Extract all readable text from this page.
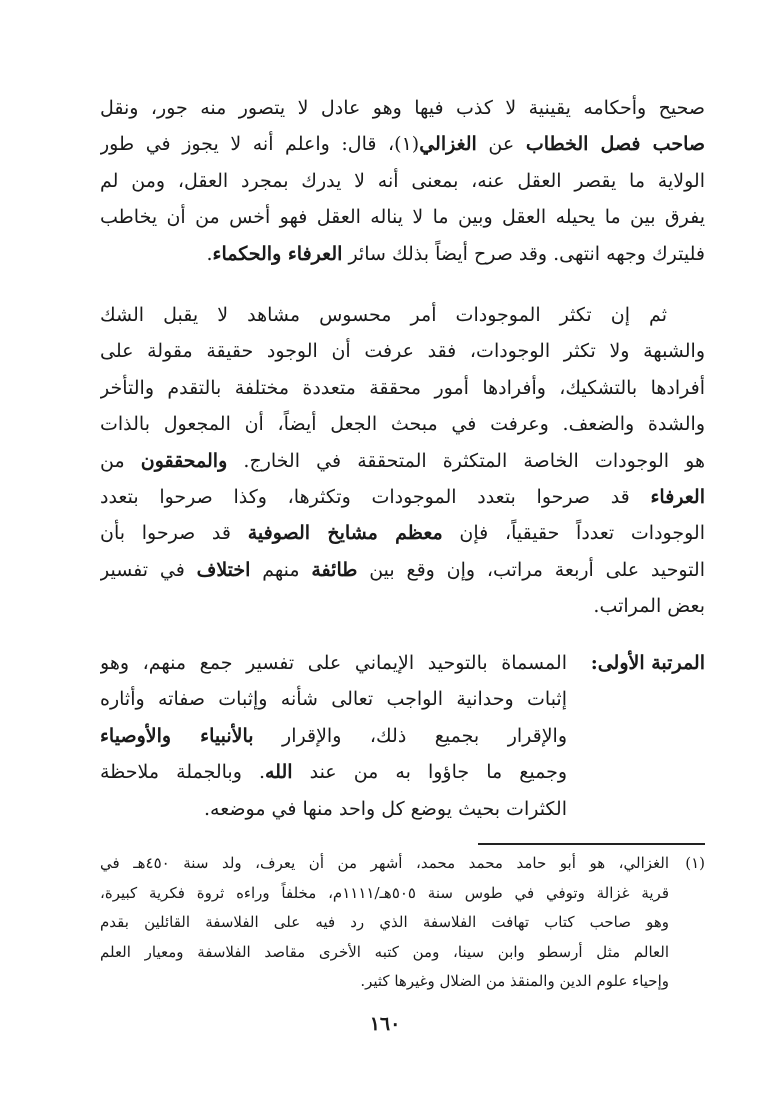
صحيح وأحكامه يقينية لا كذب فيها وهو عادل لا يتصور منه جور، ونقل
صاحب فصل الخطاب عن الغزالي(١)، قال: واعلم أنه لا يجوز في طور
الولاية ما يقصر العقل عنه، بمعنى أنه لا يدرك بمجرد العقل، ومن لم
يفرق بين ما يحيله العقل وبين ما لا يناله العقل فهو أخس من أن يخاطب
فليترك وجهه انتهى. وقد صرح أيضاً بذلك سائر العرفاء والحكماء.
ثم إن تكثر الموجودات أمر محسوس مشاهد لا يقبل الشك
والشبهة ولا تكثر الوجودات، فقد عرفت أن الوجود حقيقة مقولة على
أفرادها بالتشكيك، وأفرادها أمور محققة متعددة مختلفة بالتقدم والتأخر
والشدة والضعف. وعرفت في مبحث الجعل أيضاً، أن المجعول بالذات
هو الوجودات الخاصة المتكثرة المتحققة في الخارج. والمحققون من
العرفاء قد صرحوا بتعدد الموجودات وتكثرها، وكذا صرحوا بتعدد
الوجودات تعدداً حقيقياً، فإن معظم مشايخ الصوفية قد صرحوا بأن
التوحيد على أربعة مراتب، وإن وقع بين طائفة منهم اختلاف في تفسير
بعض المراتب.
المرتبة الأولى:
المسماة بالتوحيد الإيماني على تفسير جمع منهم، وهو
إثبات وحدانية الواجب تعالى شأنه وإثبات صفاته وأثاره
والإقرار بجميع ذلك، والإقرار بالأنبياء والأوصياء
وجميع ما جاؤوا به من عند الله. وبالجملة ملاحظة
الكثرات بحيث يوضع كل واحد منها في موضعه.
(١)
الغزالي، هو أبو حامد محمد محمد، أشهر من أن يعرف، ولد سنة ٤٥٠هـ في
قرية غزالة وتوفي في طوس سنة ٥٠٥هـ/١١١١م، مخلفاً وراءه ثروة فكرية كبيرة،
وهو صاحب كتاب تهافت الفلاسفة الذي رد فيه على الفلاسفة القائلين بقدم
العالم مثل أرسطو وابن سينا، ومن كتبه الأخرى مقاصد الفلاسفة ومعيار العلم
وإحياء علوم الدين والمنقذ من الضلال وغيرها كثير.
١٦٠
